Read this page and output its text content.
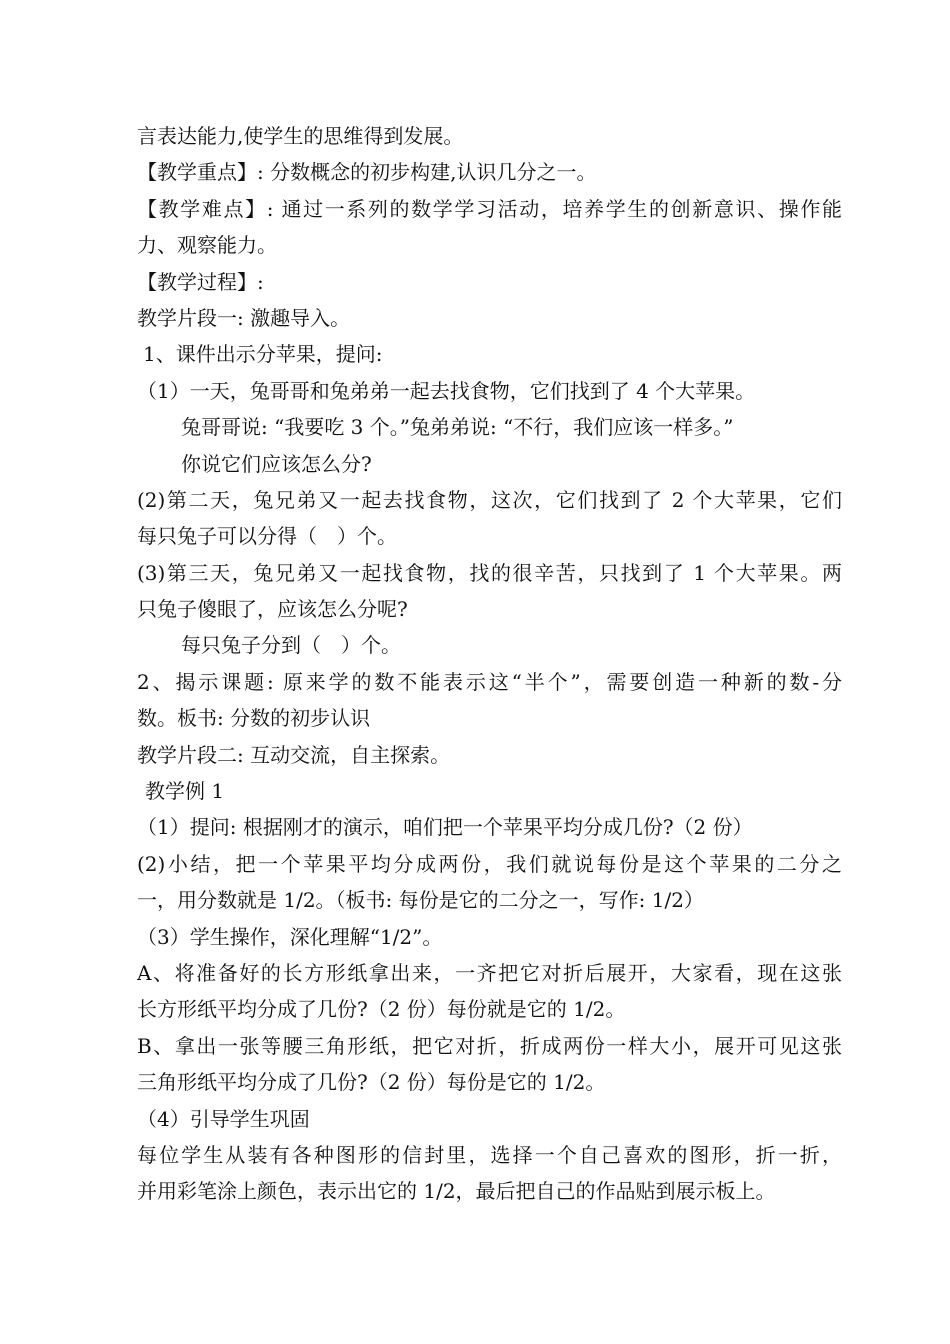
言表达能力,使学生的思维得到发展。
【教学重点】: 分数概念的初步构建,认识几分之一。
【教学难点】: 通过一系列的数学学习活动，培养学生的创新意识、操作能
力、观察能力。
【教学过程】:
教学片段一: 激趣导入。
1、课件出示分苹果，提问:
（1）一天，兔哥哥和兔弟弟一起去找食物，它们找到了 4 个大苹果。
兔哥哥说: “我要吃 3 个。”兔弟弟说: “不行，我们应该一样多。”
你说它们应该怎么分?
(2)第二天，兔兄弟又一起去找食物，这次，它们找到了 2 个大苹果，它们
每只兔子可以分得（　）个。
(3)第三天，兔兄弟又一起找食物，找的很辛苦，只找到了 1 个大苹果。两
只兔子傻眼了，应该怎么分呢?
每只兔子分到（　）个。
2、揭示课题: 原来学的数不能表示这“半个”，需要创造一种新的数-分
数。板书: 分数的初步认识
教学片段二: 互动交流，自主探索。
教学例 1
（1）提问: 根据刚才的演示，咱们把一个苹果平均分成几份?（2 份）
(2)小结，把一个苹果平均分成两份，我们就说每份是这个苹果的二分之
一，用分数就是 1/2。（板书: 每份是它的二分之一，写作: 1/2）
（3）学生操作，深化理解“1/2”。
A、将准备好的长方形纸拿出来，一齐把它对折后展开，大家看，现在这张
长方形纸平均分成了几份?（2 份）每份就是它的 1/2。
B、拿出一张等腰三角形纸，把它对折，折成两份一样大小，展开可见这张
三角形纸平均分成了几份?（2 份）每份是它的 1/2。
（4）引导学生巩固
每位学生从装有各种图形的信封里，选择一个自己喜欢的图形，折一折，
并用彩笔涂上颜色，表示出它的 1/2，最后把自己的作品贴到展示板上。
